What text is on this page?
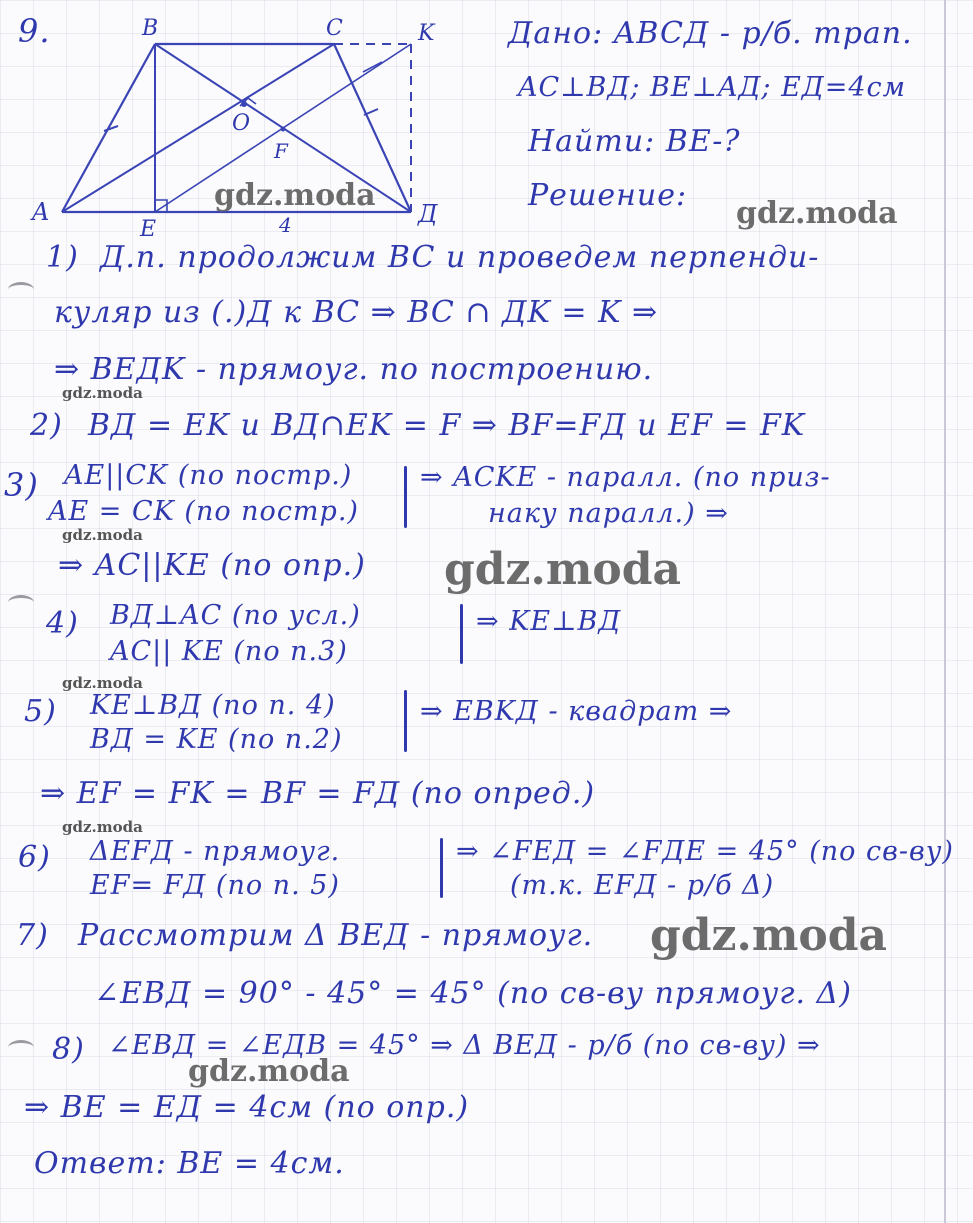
B	C	K
A	Д
E
O
F
4
9.	Дано: ABCД - р/б. трап.
AC⊥BД; BE⊥AД; EД=4см
Найти: BE-?
Решение:
1) Д.п. продолжим BC и проведем перпенди-
куляр из (.)Д к BC ⇒ BC ∩ ДK = K ⇒
⇒ BEДK - прямоуг. по построению.
2) BД = EK и BД∩EK = F ⇒ BF=FД и EF = FK
3) AE||CK (по постр.)
AE = CK (по постр.)
⇒ ACKE - паралл. (по приз-
наку паралл.) ⇒
⇒ AC||KE (по опр.)
4) BД⊥AC (по усл.)
AC|| KE (по п.3)
⇒ KE⊥BД
5) KE⊥BД (по п. 4)
BД = KE (по п.2)
⇒ EBKД - квадрат ⇒
⇒ EF = FK = BF = FД (по опред.)
6) ΔEFД - прямоуг.
EF= FД (по п. 5)
⇒ ∠FEД = ∠FДE = 45° (по св-ву)
(т.к. EFД - р/б Δ)
7) Рассмотрим Δ BEД - прямоуг.
∠EBД = 90° - 45° = 45° (по св-ву прямоуг. Δ)
8) ∠EBД = ∠EДB = 45° ⇒ Δ BEД - р/б (по св-ву) ⇒
⇒ BE = EД = 4см (по опр.)
Ответ: BE = 4см.
gdz.moda
gdz.moda
gdz.moda
gdz.moda
gdz.moda
gdz.moda
gdz.moda
gdz.moda
gdz.moda
